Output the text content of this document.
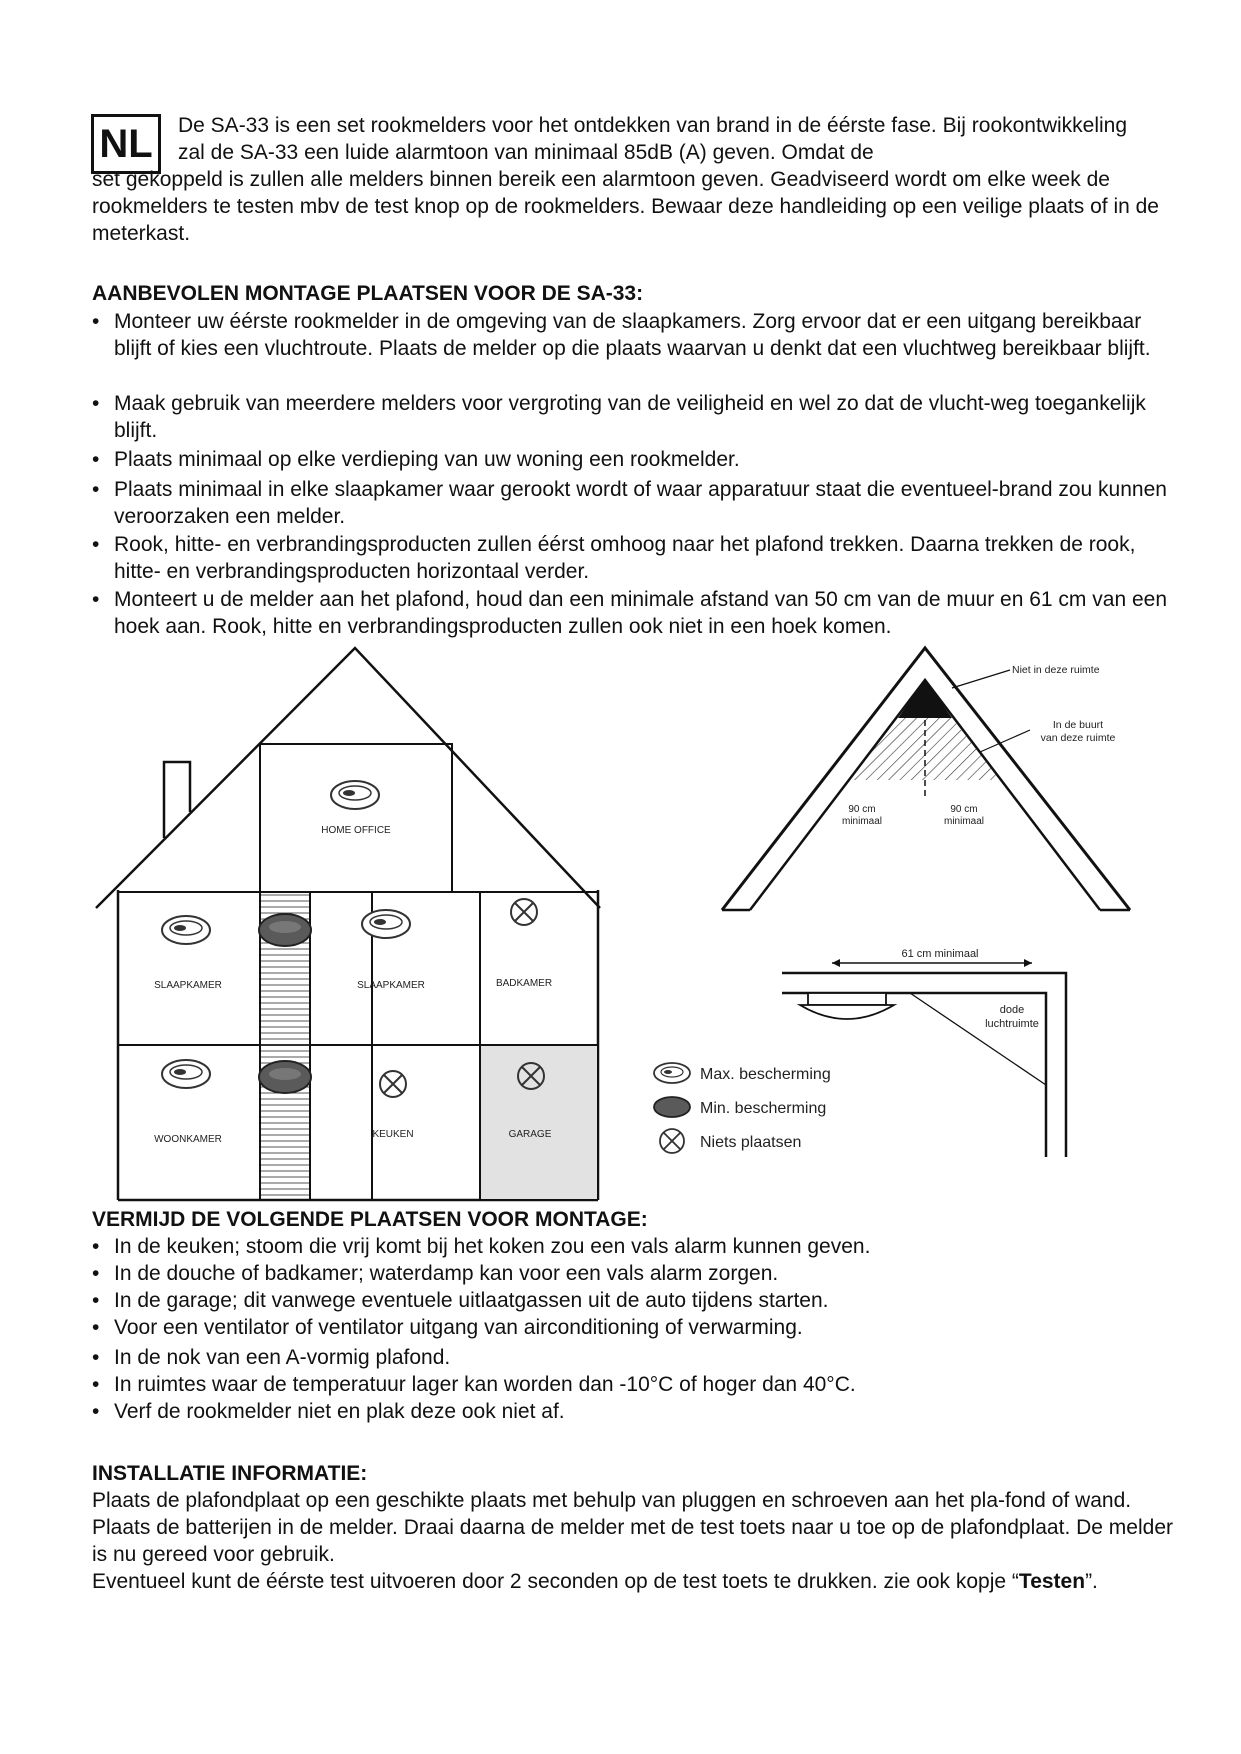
NL	De SA-33 is een set rookmelders voor het ontdekken van brand in de éérste fase. Bij rookontwikkeling zal de SA-33 een luide alarmtoon van minimaal 85dB (A) geven. Omdat de

set gekoppeld is zullen alle melders binnen bereik een alarmtoon geven. Geadviseerd wordt om elke week de rookmelders te testen mbv de test knop op de rookmelders. Bewaar deze handleiding op een veilige plaats of in de meterkast.

AANBEVOLEN MONTAGE PLAATSEN VOOR DE SA-33:

• Monteer uw éérste rookmelder in de omgeving van de slaapkamers. Zorg ervoor dat er een uitgang bereikbaar blijft of kies een vluchtroute. Plaats de melder op die plaats waarvan u denkt dat een vluchtweg bereikbaar blijft.
• Maak gebruik van meerdere melders voor vergroting van de veiligheid en wel zo dat de vlucht-weg toegankelijk blijft.
• Plaats minimaal op elke verdieping van uw woning een rookmelder.
• Plaats minimaal in elke slaapkamer waar gerookt wordt of waar apparatuur staat die eventueel-brand zou kunnen veroorzaken een melder.
• Rook, hitte- en verbrandingsproducten zullen éérst omhoog naar het plafond trekken. Daarna trekken de rook, hitte- en verbrandingsproducten horizontaal verder.
• Monteert u de melder aan het plafond, houd dan een minimale afstand van 50 cm van de muur en 61 cm van een hoek aan. Rook, hitte en verbrandingsproducten zullen ook niet in een hoek komen.
HOME OFFICE
SLAAPKAMER	SLAAPKAMER	BADKAMER
WOONKAMER	KEUKEN	GARAGE
Niet in deze ruimte
In de buurt
van deze ruimte
90 cm
minimaal
90 cm
minimaal
61 cm minimaal
dode
luchtruimte
Max. bescherming
Min. bescherming
Niets plaatsen

VERMIJD DE VOLGENDE PLAATSEN VOOR MONTAGE:

• In de keuken; stoom die vrij komt bij het koken zou een vals alarm kunnen geven.
• In de douche of badkamer; waterdamp kan voor een vals alarm zorgen.
• In de garage; dit vanwege eventuele uitlaatgassen uit de auto tijdens starten.
• Voor een ventilator of ventilator uitgang van airconditioning of verwarming.
• In de nok van een A-vormig plafond.
• In ruimtes waar de temperatuur lager kan worden dan -10°C of hoger dan 40°C.
• Verf de rookmelder niet en plak deze ook niet af.

INSTALLATIE INFORMATIE:

Plaats de plafondplaat op een geschikte plaats met behulp van pluggen en schroeven aan het pla-fond of wand. Plaats de batterijen in de melder. Draai daarna de melder met de test toets naar u toe op de plafondplaat. De melder is nu gereed voor gebruik.
Eventueel kunt de éérste test uitvoeren door 2 seconden op de test toets te drukken. zie ook kopje “Testen”.
